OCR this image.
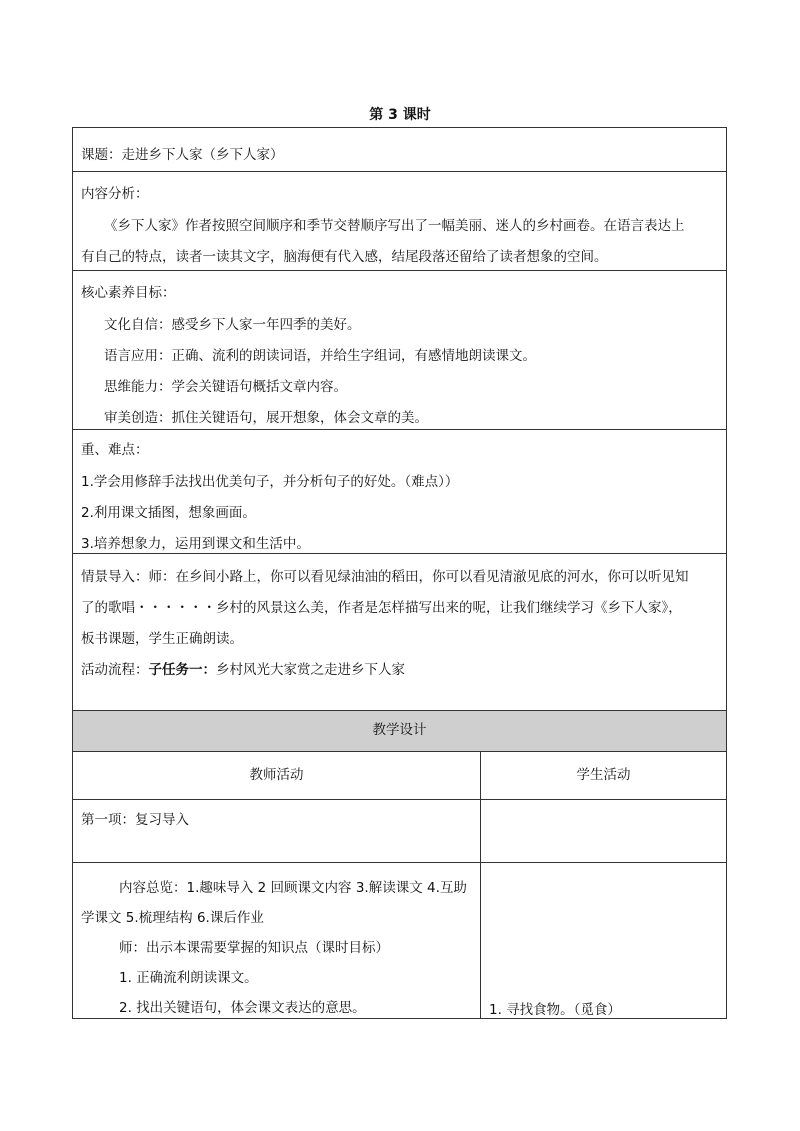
第 3 课时
课题：走进乡下人家（乡下人家）
内容分析：
《乡下人家》作者按照空间顺序和季节交替顺序写出了一幅美丽、迷人的乡村画卷。在语言表达上
有自己的特点，读者一读其文字，脑海便有代入感，结尾段落还留给了读者想象的空间。
核心素养目标：
文化自信：感受乡下人家一年四季的美好。
语言应用：正确、流利的朗读词语，并给生字组词，有感情地朗读课文。
思维能力：学会关键语句概括文章内容。
审美创造：抓住关键语句，展开想象，体会文章的美。
重、难点：
1.学会用修辞手法找出优美句子，并分析句子的好处。（难点））
2.利用课文插图，想象画面。
3.培养想象力，运用到课文和生活中。
情景导入：师：在乡间小路上，你可以看见绿油油的稻田，你可以看见清澈见底的河水，你可以听见知
了的歌唱・・・・・・乡村的风景这么美，作者是怎样描写出来的呢，让我们继续学习《乡下人家》，
板书课题，学生正确朗读。
活动流程：子任务一：乡村风光大家赏之走进乡下人家
教学设计
教师活动	学生活动
第一项：复习导入
内容总览：1.趣味导入 2 回顾课文内容 3.解读课文 4.互助
学课文 5.梳理结构 6.课后作业
师：出示本课需要掌握的知识点（课时目标）
1. 正确流利朗读课文。
2. 找出关键语句，体会课文表达的意思。	1. 寻找食物。（觅食）
